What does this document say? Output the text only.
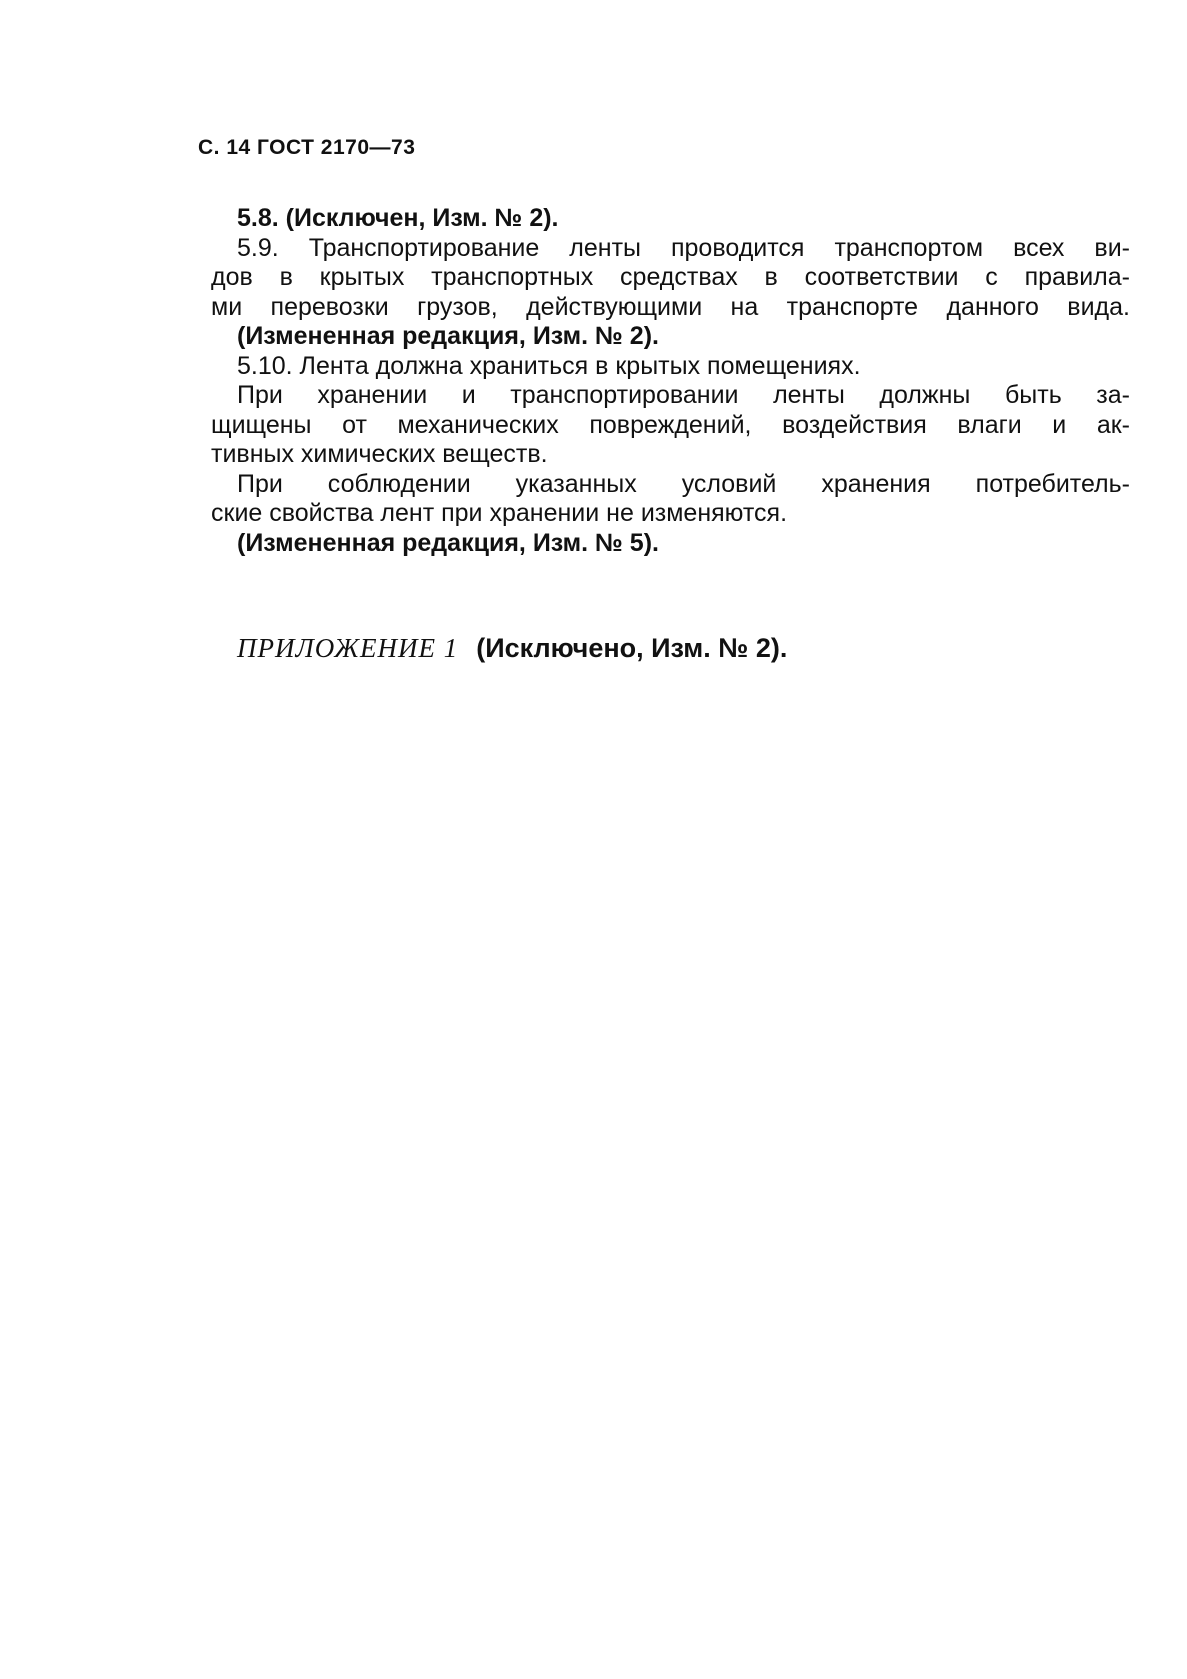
С. 14 ГОСТ 2170—73
5.8. (Исключен, Изм. № 2).
5.9. Транспортирование ленты проводится транспортом всех ви-
дов в крытых транспортных средствах в соответствии с правила-
ми перевозки грузов, действующими на транспорте данного вида.
(Измененная редакция, Изм. № 2).
5.10. Лента должна храниться в крытых помещениях.
При хранении и транспортировании ленты должны быть за-
щищены от механических повреждений, воздействия влаги и ак-
тивных химических веществ.
При соблюдении указанных условий хранения потребитель-
ские свойства лент при хранении не изменяются.
(Измененная редакция, Изм. № 5).
ПРИЛОЖЕНИЕ 1 (Исключено, Изм. № 2).
